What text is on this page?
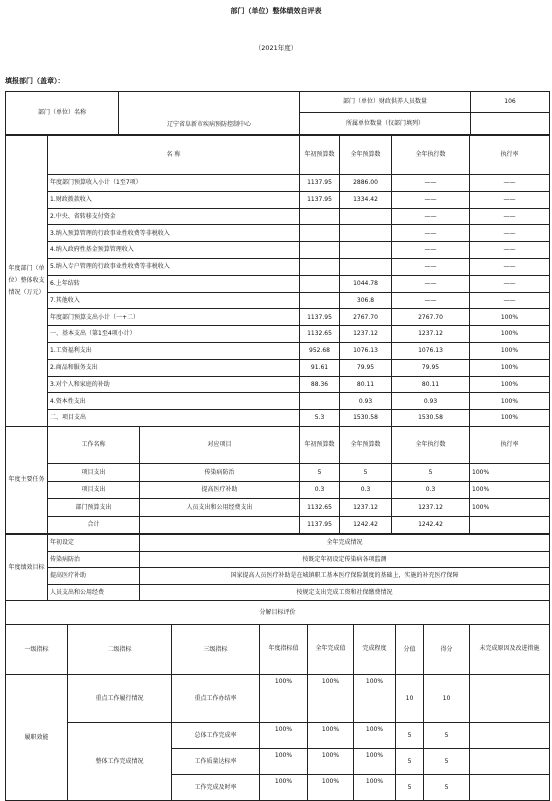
部门（单位）整体绩效自评表
（2021年度）
填报部门（盖章）：
部门（单位）名称	辽宁省阜新市疾病预防控制中心	部门（单位）财政供养人员数量	106
		所属单位数量（仅部门填列）	
年度部门（单位）整体收支情况（万元）	名 称	年初预算数	全年预算数	全年执行数	执行率
	年度部门预算收入小计（1至7项）	1137.95	2886.00	——	——
	1.财政拨款收入	1137.95	1334.42	——	——
	2.中央、省转移支付资金			——	——
	3.纳入预算管理的行政事业性收费等非税收入			——	——
	4.纳入政府性基金预算管理收入			——	——
	5.纳入专户管理的行政事业性收费等非税收入			——	——
	6.上年结转		1044.78	——	——
	7.其他收入		306.8	——	——
	年度部门预算支出小计（一+二）	1137.95	2767.70	2767.70	100%
	一、基本支出（第1至4项小计）	1132.65	1237.12	1237.12	100%
	1.工资福利支出	952.68	1076.13	1076.13	100%
	2.商品和服务支出	91.61	79.95	79.95	100%
	3.对个人和家庭的补助	88.36	80.11	80.11	100%
	4.资本性支出		0.93	0.93	100%
	二、项目支出	5.3	1530.58	1530.58	100%
年度主要任务	工作名称	对应项目	年初预算数	全年预算数	全年执行数	执行率
	项目支出	传染病防治	5	5	5	100%
	项目支出	提高医疗补助	0.3	0.3	0.3	100%
	部门预算支出	人员支出和公用经费支出	1132.65	1237.12	1237.12	100%
	合计		1137.95	1242.42	1242.42	
年度绩效目标	年初设定	全年完成情况
	传染病防治	按既定年初设定传染病各项监测
	提高医疗补助	国家提高人员医疗补助是在城镇职工基本医疗保险制度的基础上，实施的补充医疗保障
	人员支出和公用经费	按规定支出完成工资和社保缴费情况
分解目标评价								
一级指标	二级指标	三级指标	年度指标值	全年完成值	完成程度	分值	得分	未完成原因及改进措施
履职效能	重点工作履行情况	重点工作办结率	100%	100%	100%	10	10	
	整体工作完成情况	总体工作完成率	100%	100%	100%	5	5	
		工作质量达标率	100%	100%	100%	5	5	
		工作完成及时率	100%	100%	100%	5	5	
